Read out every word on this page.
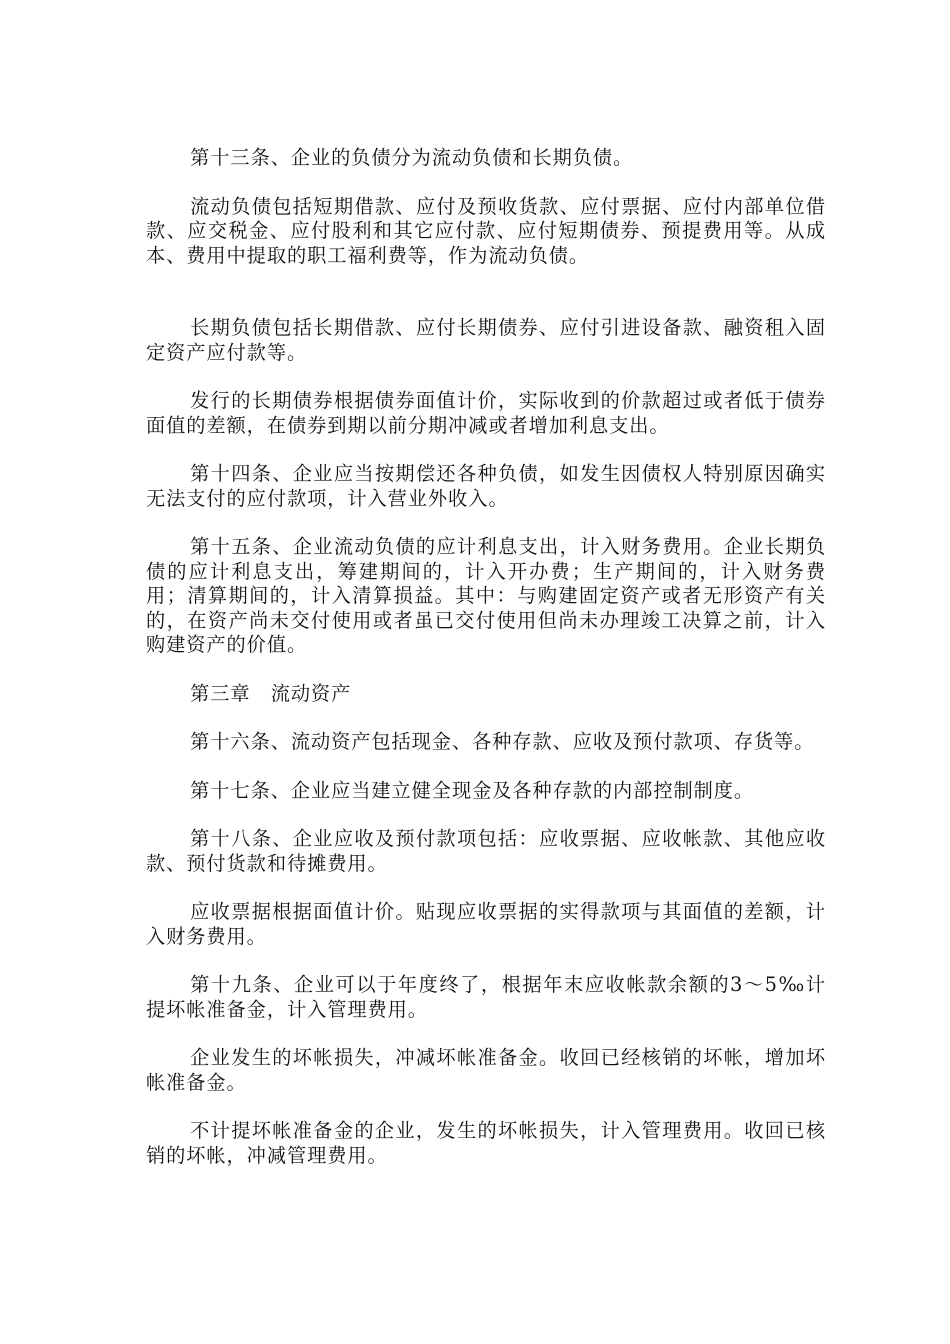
第十三条、企业的负债分为流动负债和长期负债。

流动负债包括短期借款、应付及预收货款、应付票据、应付内部单位借款、应交税金、应付股利和其它应付款、应付短期债券、预提费用等。从成本、费用中提取的职工福利费等，作为流动负债。

长期负债包括长期借款、应付长期债券、应付引进设备款、融资租入固定资产应付款等。

发行的长期债券根据债券面值计价，实际收到的价款超过或者低于债券面值的差额，在债券到期以前分期冲减或者增加利息支出。

第十四条、企业应当按期偿还各种负债，如发生因债权人特别原因确实无法支付的应付款项，计入营业外收入。

第十五条、企业流动负债的应计利息支出，计入财务费用。企业长期负债的应计利息支出，筹建期间的，计入开办费；生产期间的，计入财务费用；清算期间的，计入清算损益。其中：与购建固定资产或者无形资产有关的，在资产尚未交付使用或者虽已交付使用但尚未办理竣工决算之前，计入购建资产的价值。

第三章　流动资产

第十六条、流动资产包括现金、各种存款、应收及预付款项、存货等。

第十七条、企业应当建立健全现金及各种存款的内部控制制度。

第十八条、企业应收及预付款项包括：应收票据、应收帐款、其他应收款、预付货款和待摊费用。

应收票据根据面值计价。贴现应收票据的实得款项与其面值的差额，计入财务费用。

第十九条、企业可以于年度终了，根据年末应收帐款余额的3～5‰计提坏帐准备金，计入管理费用。

企业发生的坏帐损失，冲减坏帐准备金。收回已经核销的坏帐，增加坏帐准备金。

不计提坏帐准备金的企业，发生的坏帐损失，计入管理费用。收回已核销的坏帐，冲减管理费用。
